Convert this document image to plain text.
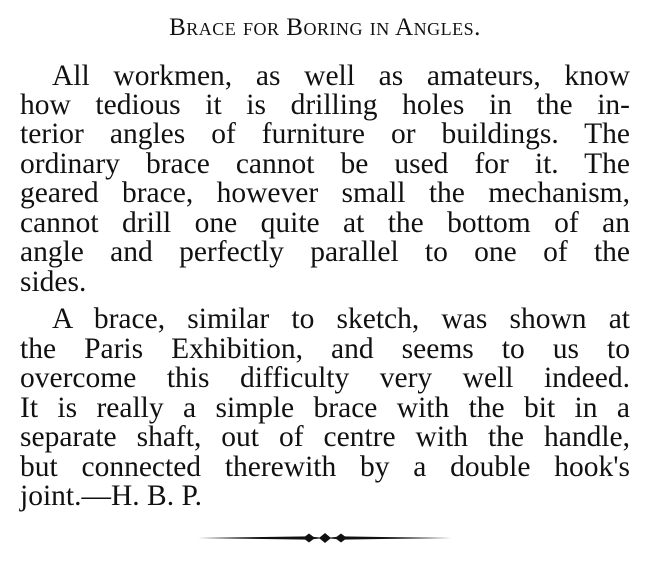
Brace for Boring in Angles.
All workmen, as well as amateurs, know
how tedious it is drilling holes in the in-
terior angles of furniture or buildings. The
ordinary brace cannot be used for it. The
geared brace, however small the mechanism,
cannot drill one quite at the bottom of an
angle and perfectly parallel to one of the
sides.
A brace, similar to sketch, was shown at
the Paris Exhibition, and seems to us to
overcome this difficulty very well indeed.
It is really a simple brace with the bit in a
separate shaft, out of centre with the handle,
but connected therewith by a double hook's
joint.—H. B. P.
